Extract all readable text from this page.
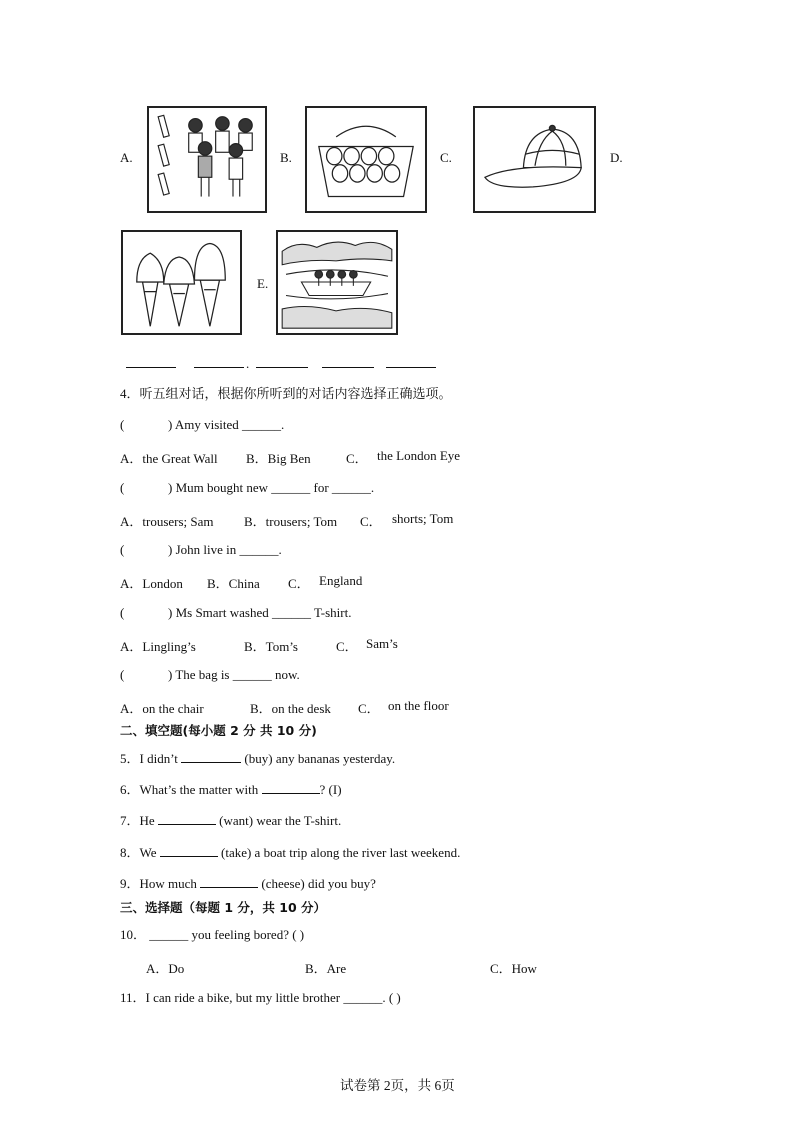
A.	B.	C.	D.
E.
.
4．听五组对话，根据你所听到的对话内容选择正确选项。
(	) Amy visited ______.
A．the Great Wall B．Big Ben	C． the London Eye
(	) Mum bought new ______ for ______.
A．trousers; Sam B．trousers; Tom C． shorts; Tom
(	) John live in ______.
A．London B．China C． England
(	) Ms Smart washed ______ T-shirt.
A．Lingling’s	B．Tom’s	C． Sam’s
(	) The bag is ______ now.
A．on the chair	B．on the desk C． on the floor
二、填空题(每小题 2 分 共 10 分)
5．I didn’t	(buy) any bananas yesterday.
6．What’s the matter with	? (I)
7．He	(want) wear the T-shirt.
8．We	(take) a boat trip along the river last weekend.
9．How much	(cheese) did you buy?
三、选择题（每题 1 分，共 10 分）
10． ______ you feeling bored? ( )
A．Do	B．Are	C．How
11．I can ride a bike, but my little brother ______. ( )
试卷第 2页，共 6页
